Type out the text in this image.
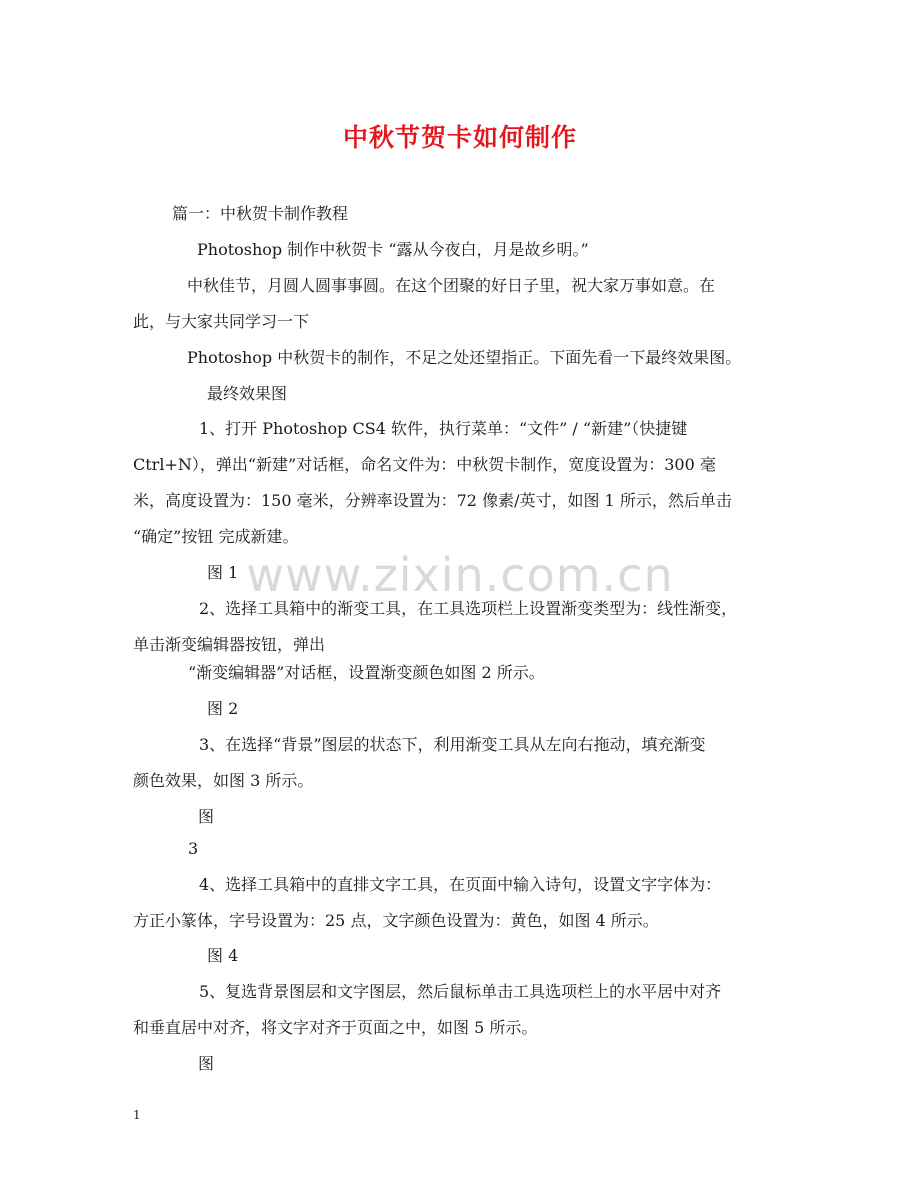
中秋节贺卡如何制作

篇一：中秋贺卡制作教程

Photoshop 制作中秋贺卡 “露从今夜白，月是故乡明。”

中秋佳节，月圆人圆事事圆。在这个团聚的好日子里，祝大家万事如意。在

此，与大家共同学习一下

Photoshop 中秋贺卡的制作，不足之处还望指正。下面先看一下最终效果图。

最终效果图

1、打开 Photoshop CS4 软件，执行菜单：“文件” / “新建”（快捷键

Ctrl+N），弹出“新建”对话框，命名文件为：中秋贺卡制作，宽度设置为：300 毫

米，高度设置为：150 毫米，分辨率设置为：72 像素/英寸，如图 1 所示，然后单击

“确定”按钮 完成新建。

图 1

2、选择工具箱中的渐变工具，在工具选项栏上设置渐变类型为：线性渐变，

单击渐变编辑器按钮，弹出

“渐变编辑器”对话框，设置渐变颜色如图 2 所示。

图 2

3、在选择“背景”图层的状态下，利用渐变工具从左向右拖动，填充渐变

颜色效果，如图 3 所示。

图

3

4、选择工具箱中的直排文字工具，在页面中输入诗句，设置文字字体为：

方正小篆体，字号设置为：25 点，文字颜色设置为：黄色，如图 4 所示。

图 4

5、复选背景图层和文字图层，然后鼠标单击工具选项栏上的水平居中对齐

和垂直居中对齐，将文字对齐于页面之中，如图 5 所示。

图

www.zixin.com.cn
1
